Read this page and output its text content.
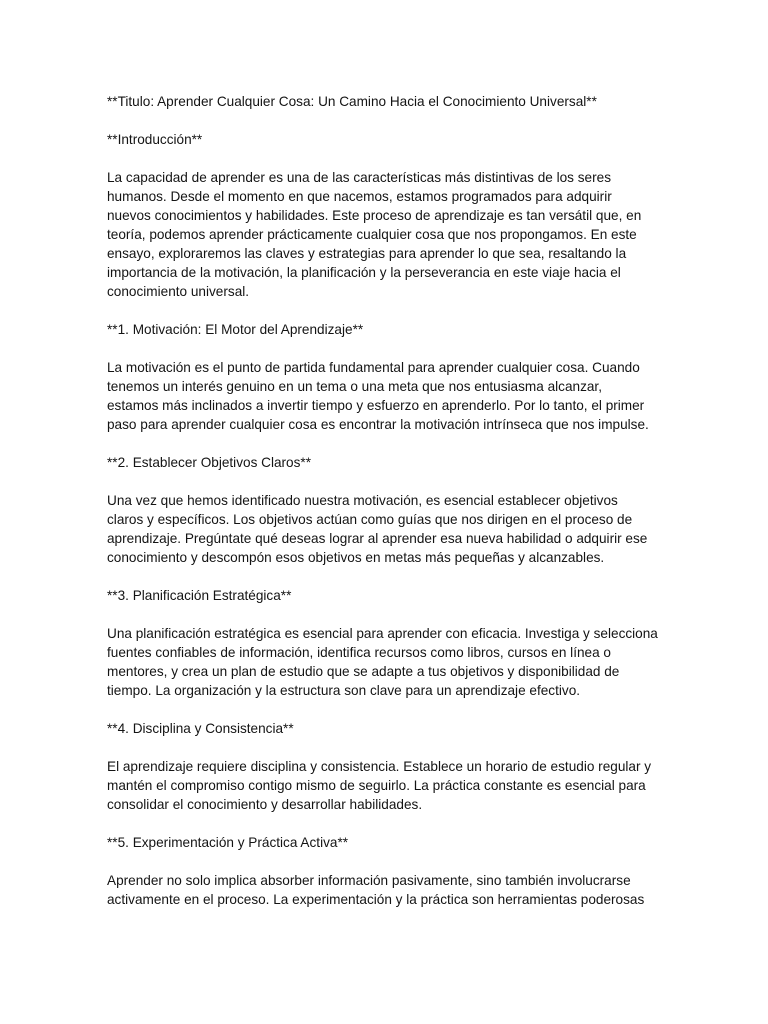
**Titulo: Aprender Cualquier Cosa: Un Camino Hacia el Conocimiento Universal**
**Introducción**
La capacidad de aprender es una de las características más distintivas de los seres
humanos. Desde el momento en que nacemos, estamos programados para adquirir
nuevos conocimientos y habilidades. Este proceso de aprendizaje es tan versátil que, en
teoría, podemos aprender prácticamente cualquier cosa que nos propongamos. En este
ensayo, exploraremos las claves y estrategias para aprender lo que sea, resaltando la
importancia de la motivación, la planificación y la perseverancia en este viaje hacia el
conocimiento universal.
**1. Motivación: El Motor del Aprendizaje**
La motivación es el punto de partida fundamental para aprender cualquier cosa. Cuando
tenemos un interés genuino en un tema o una meta que nos entusiasma alcanzar,
estamos más inclinados a invertir tiempo y esfuerzo en aprenderlo. Por lo tanto, el primer
paso para aprender cualquier cosa es encontrar la motivación intrínseca que nos impulse.
**2. Establecer Objetivos Claros**
Una vez que hemos identificado nuestra motivación, es esencial establecer objetivos
claros y específicos. Los objetivos actúan como guías que nos dirigen en el proceso de
aprendizaje. Pregúntate qué deseas lograr al aprender esa nueva habilidad o adquirir ese
conocimiento y descompón esos objetivos en metas más pequeñas y alcanzables.
**3. Planificación Estratégica**
Una planificación estratégica es esencial para aprender con eficacia. Investiga y selecciona
fuentes confiables de información, identifica recursos como libros, cursos en línea o
mentores, y crea un plan de estudio que se adapte a tus objetivos y disponibilidad de
tiempo. La organización y la estructura son clave para un aprendizaje efectivo.
**4. Disciplina y Consistencia**
El aprendizaje requiere disciplina y consistencia. Establece un horario de estudio regular y
mantén el compromiso contigo mismo de seguirlo. La práctica constante es esencial para
consolidar el conocimiento y desarrollar habilidades.
**5. Experimentación y Práctica Activa**
Aprender no solo implica absorber información pasivamente, sino también involucrarse
activamente en el proceso. La experimentación y la práctica son herramientas poderosas
